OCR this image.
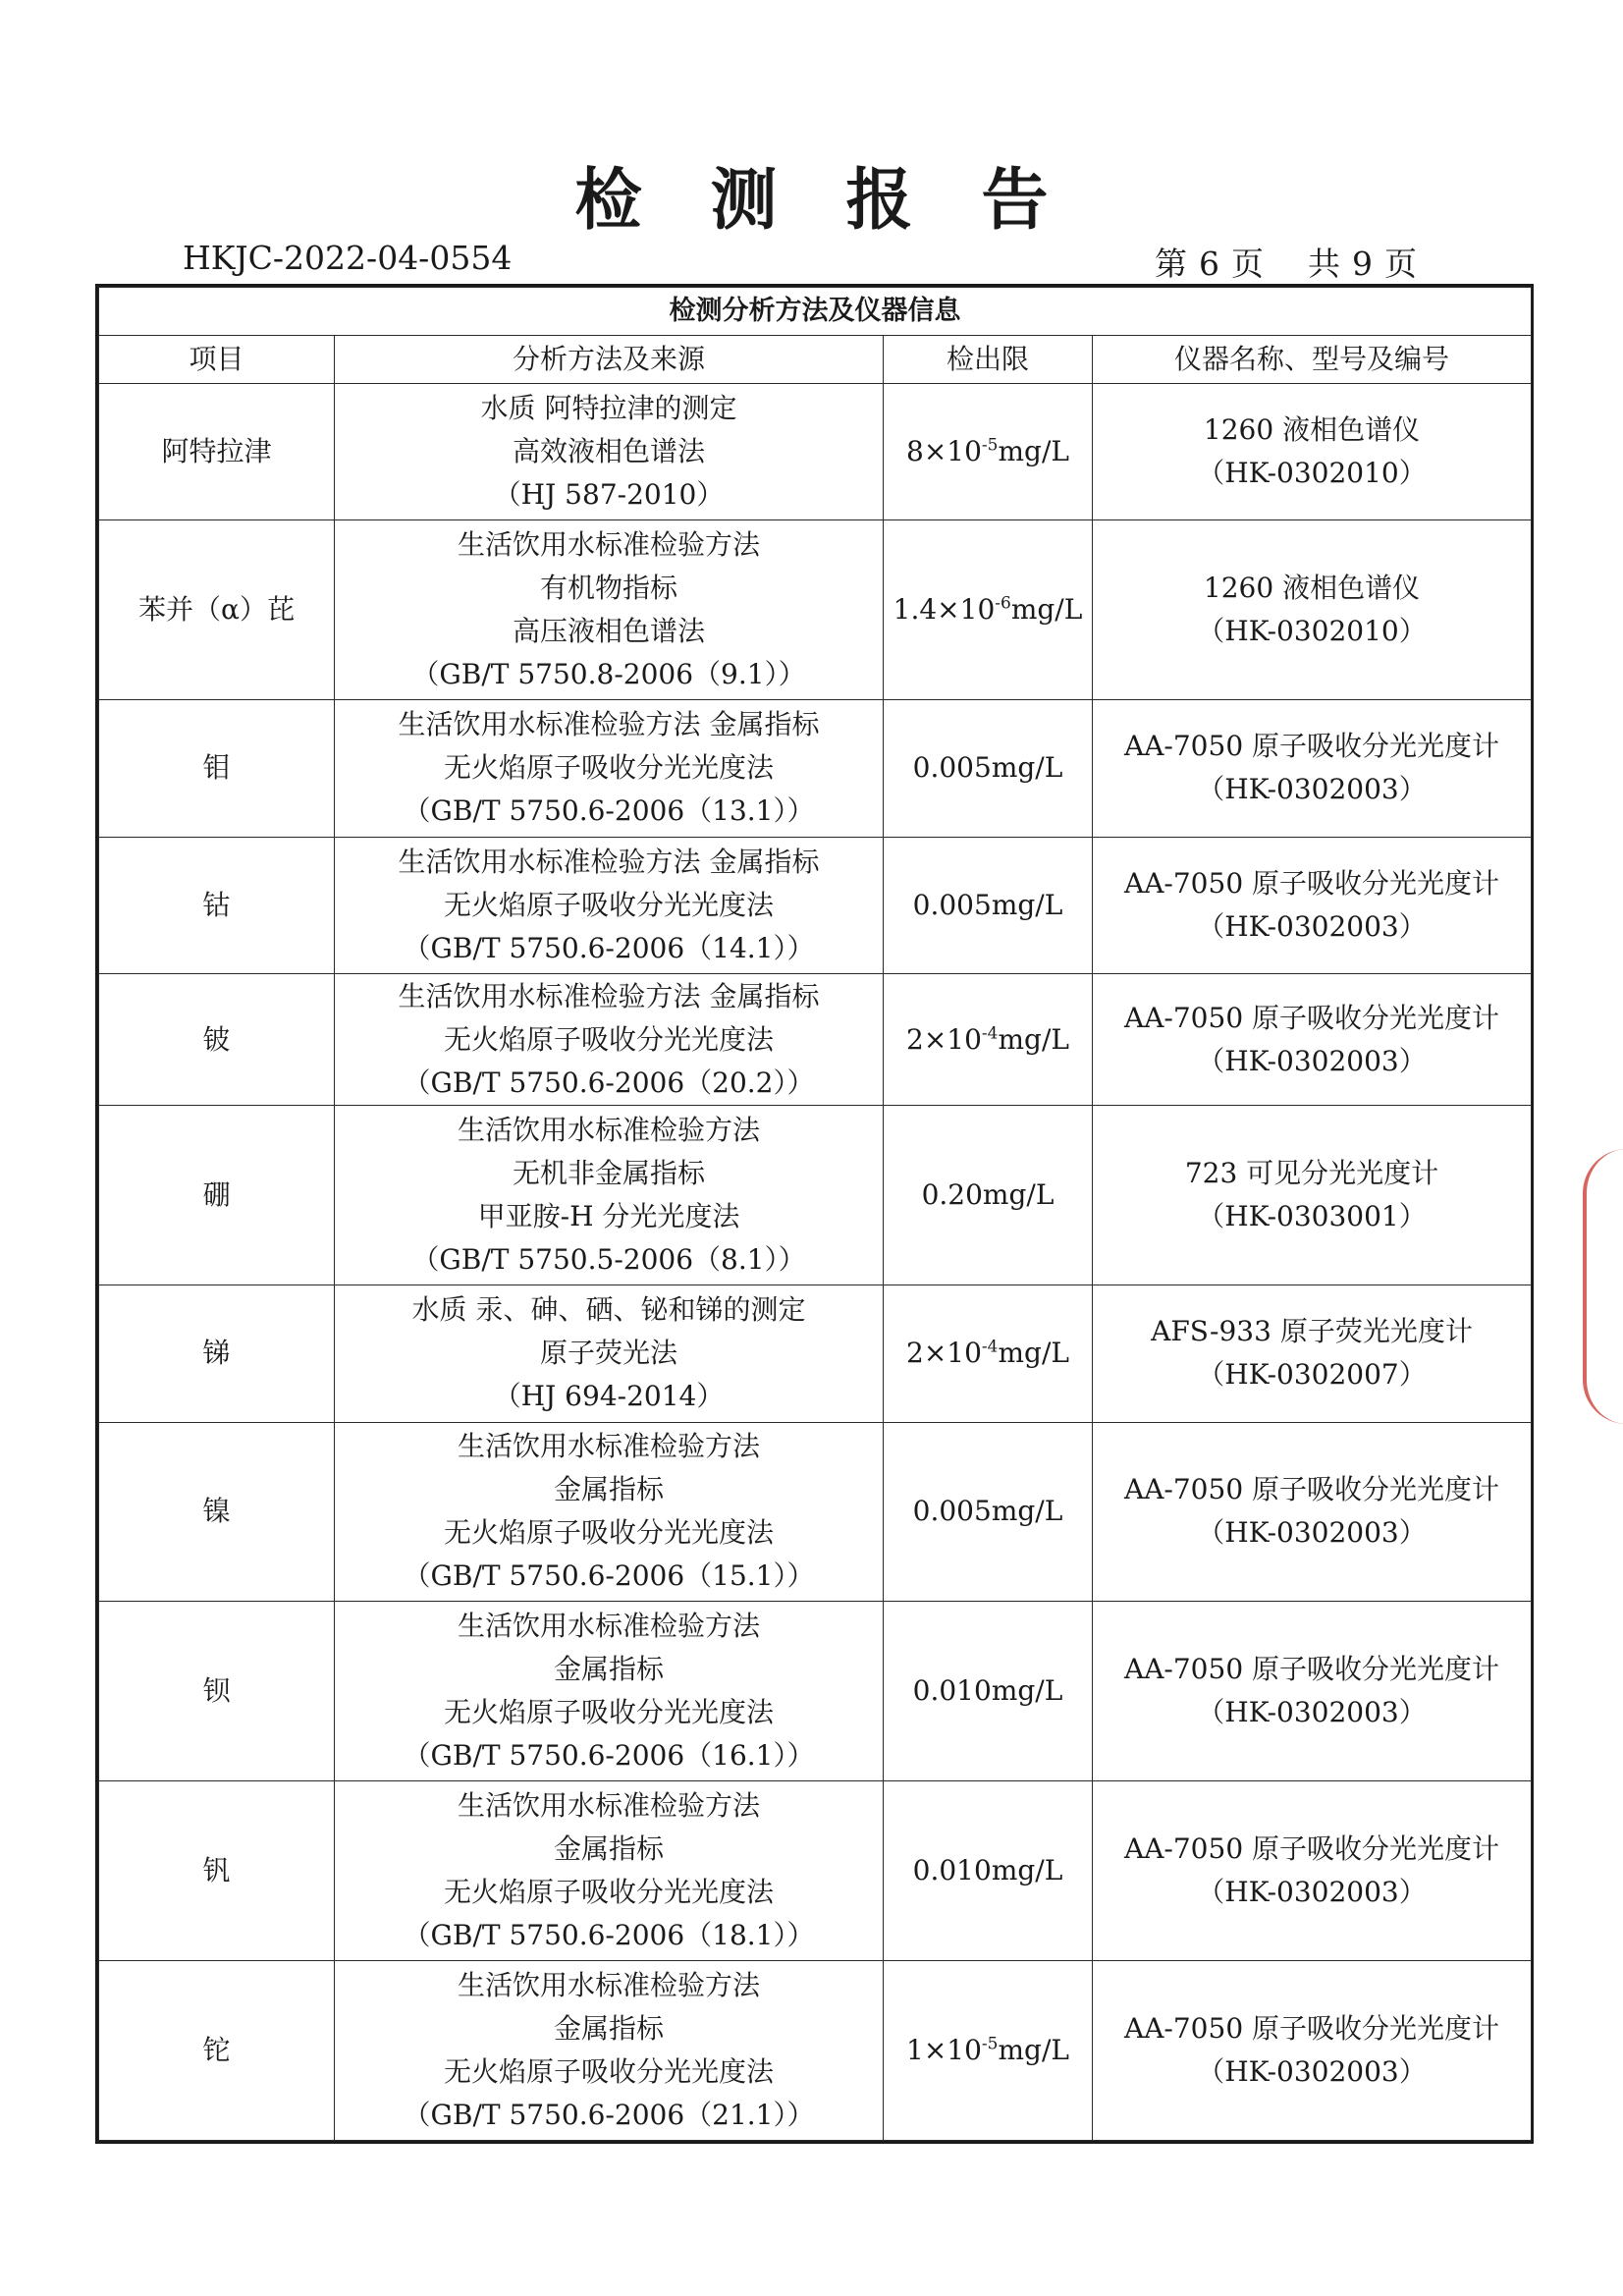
检测报告
HKJC-2022-04-0554	第 6 页 共 9 页
检测分析方法及仪器信息			
项目	分析方法及来源	检出限	仪器名称、型号及编号
阿特拉津	水质 阿特拉津的测定
高效液相色谱法
（HJ 587-2010）	$8\times 10^{-5}mg/L$	1260 液相色谱仪
（HK-0302010）

苯并（α）芘	生活饮用水标准检验方法
有机物指标
高压液相色谱法
（GB/T 5750.8-2006（9.1））	$1.4\times 10^{-6}mg/L$	1260 液相色谱仪
（HK-0302010）

钼	生活饮用水标准检验方法 金属指标
无火焰原子吸收分光光度法
（GB/T 5750.6-2006（13.1））	0.005mg/L	AA-7050 原子吸收分光光度计
（HK-0302003）

钴	生活饮用水标准检验方法 金属指标
无火焰原子吸收分光光度法
（GB/T 5750.6-2006（14.1））	0.005mg/L	AA-7050 原子吸收分光光度计
（HK-0302003）

铍	生活饮用水标准检验方法 金属指标
无火焰原子吸收分光光度法
（GB/T 5750.6-2006（20.2））	$2\times 10^{-4}mg/L$	AA-7050 原子吸收分光光度计
（HK-0302003）

硼	生活饮用水标准检验方法
无机非金属指标
甲亚胺-H 分光光度法
（GB/T 5750.5-2006（8.1））	0.20mg/L	723 可见分光光度计
（HK-0303001）

锑	水质 汞、砷、硒、铋和锑的测定
原子荧光法
（HJ 694-2014）	$2\times 10^{-4}mg/L$	AFS-933 原子荧光光度计
（HK-0302007）

镍	生活饮用水标准检验方法
金属指标
无火焰原子吸收分光光度法
（GB/T 5750.6-2006（15.1））	0.005mg/L	AA-7050 原子吸收分光光度计
（HK-0302003）

钡	生活饮用水标准检验方法
金属指标
无火焰原子吸收分光光度法
（GB/T 5750.6-2006（16.1））	0.010mg/L	AA-7050 原子吸收分光光度计
（HK-0302003）

钒	生活饮用水标准检验方法
金属指标
无火焰原子吸收分光光度法
（GB/T 5750.6-2006（18.1））	0.010mg/L	AA-7050 原子吸收分光光度计
（HK-0302003）

铊	生活饮用水标准检验方法
金属指标
无火焰原子吸收分光光度法
（GB/T 5750.6-2006（21.1））	$1\times 10^{-5}mg/L$	AA-7050 原子吸收分光光度计
（HK-0302003）
